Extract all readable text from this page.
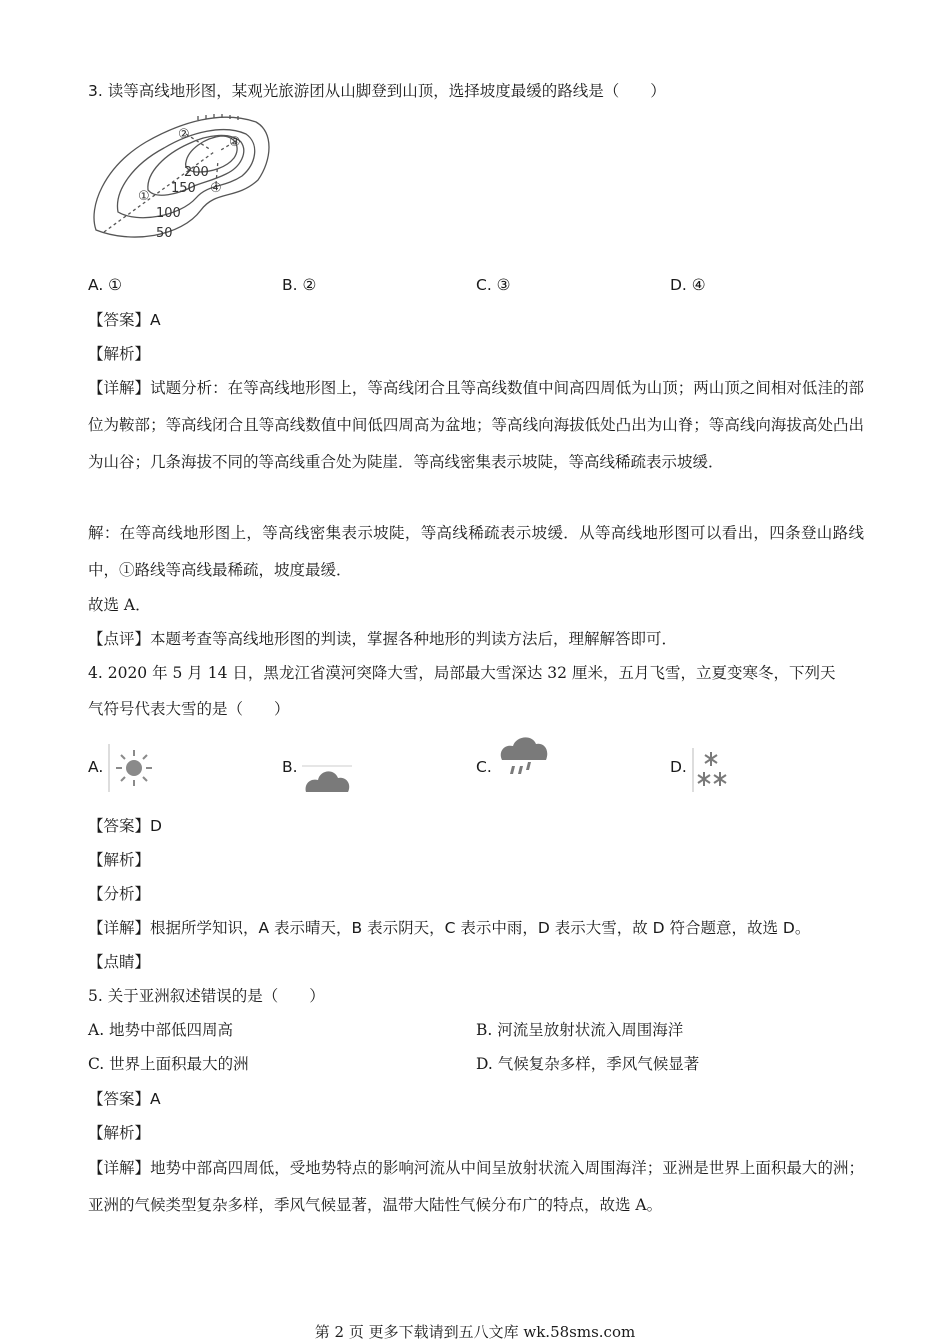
3. 读等高线地形图，某观光旅游团从山脚登到山顶，选择坡度最缓的路线是（　　）
200
150
100
50
①
②
③
④
A. ①	B. ②	C. ③	D. ④
【答案】A
【解析】
【详解】试题分析：在等高线地形图上，等高线闭合且等高线数值中间高四周低为山顶；两山顶之间相对低洼的部位为鞍部；等高线闭合且等高线数值中间低四周高为盆地；等高线向海拔低处凸出为山脊；等高线向海拔高处凸出为山谷；几条海拔不同的等高线重合处为陡崖．等高线密集表示坡陡，等高线稀疏表示坡缓．
解：在等高线地形图上，等高线密集表示坡陡，等高线稀疏表示坡缓．从等高线地形图可以看出，四条登山路线中，①路线等高线最稀疏，坡度最缓．
故选 A．
【点评】本题考查等高线地形图的判读，掌握各种地形的判读方法后，理解解答即可．
4. 2020 年 5 月 14 日，黑龙江省漠河突降大雪，局部最大雪深达 32 厘米，五月飞雪，立夏变寒冬，下列天
气符号代表大雪的是（　　）
A.	B.	C.	D.
【答案】D
【解析】
【分析】
【详解】根据所学知识，A 表示晴天，B 表示阴天，C 表示中雨，D 表示大雪，故 D 符合题意，故选 D。
【点睛】
5. 关于亚洲叙述错误的是（　　）
A. 地势中部低四周高	B. 河流呈放射状流入周围海洋
C. 世界上面积最大的洲	D. 气候复杂多样，季风气候显著
【答案】A
【解析】
【详解】地势中部高四周低，受地势特点的影响河流从中间呈放射状流入周围海洋；亚洲是世界上面积最大的洲；亚洲的气候类型复杂多样，季风气候显著，温带大陆性气候分布广的特点，故选 A。
第 2 页 更多下载请到五八文库 wk.58sms.com
